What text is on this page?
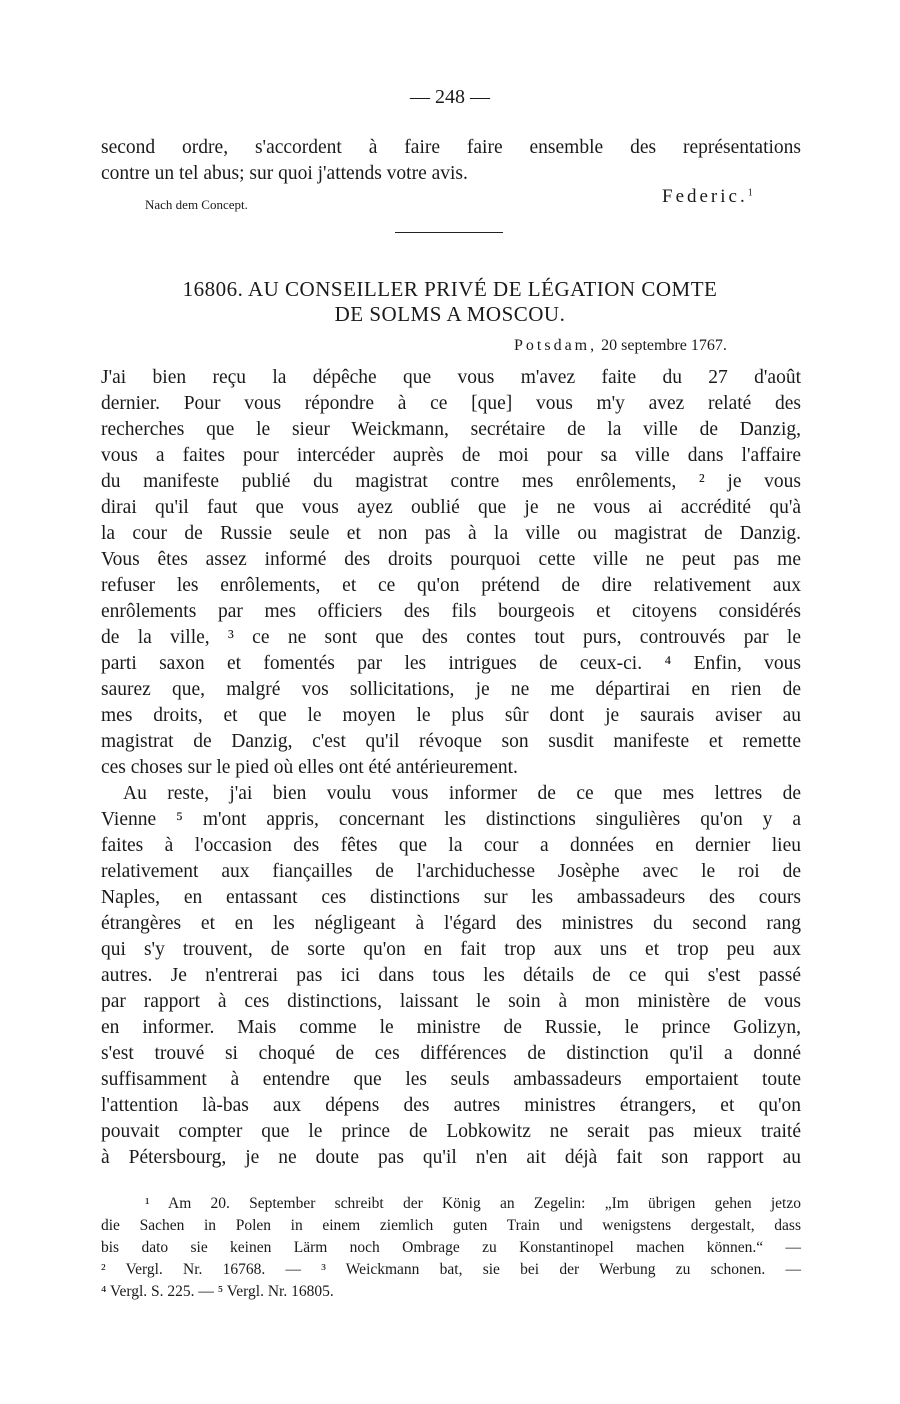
— 248 —
second ordre, s'accordent à faire faire ensemble des représentations
contre un tel abus; sur quoi j'attends votre avis.
Nach dem Concept.	Federic.$^1$
16806. AU CONSEILLER PRIVÉ DE LÉGATION COMTE
DE SOLMS A MOSCOU.
Potsdam, 20 septembre 1767.
J'ai bien reçu la dépêche que vous m'avez faite du 27 d'août
dernier. Pour vous répondre à ce [que] vous m'y avez relaté des
recherches que le sieur Weickmann, secrétaire de la ville de Danzig,
vous a faites pour intercéder auprès de moi pour sa ville dans l'affaire
du manifeste publié du magistrat contre mes enrôlements, ² je vous
dirai qu'il faut que vous ayez oublié que je ne vous ai accrédité qu'à
la cour de Russie seule et non pas à la ville ou magistrat de Danzig.
Vous êtes assez informé des droits pourquoi cette ville ne peut pas me
refuser les enrôlements, et ce qu'on prétend de dire relativement aux
enrôlements par mes officiers des fils bourgeois et citoyens considérés
de la ville, ³ ce ne sont que des contes tout purs, controuvés par le
parti saxon et fomentés par les intrigues de ceux-ci. ⁴ Enfin, vous
saurez que, malgré vos sollicitations, je ne me départirai en rien de
mes droits, et que le moyen le plus sûr dont je saurais aviser au
magistrat de Danzig, c'est qu'il révoque son susdit manifeste et remette
ces choses sur le pied où elles ont été antérieurement.
Au reste, j'ai bien voulu vous informer de ce que mes lettres de
Vienne ⁵ m'ont appris, concernant les distinctions singulières qu'on y a
faites à l'occasion des fêtes que la cour a données en dernier lieu
relativement aux fiançailles de l'archiduchesse Josèphe avec le roi de
Naples, en entassant ces distinctions sur les ambassadeurs des cours
étrangères et en les négligeant à l'égard des ministres du second rang
qui s'y trouvent, de sorte qu'on en fait trop aux uns et trop peu aux
autres. Je n'entrerai pas ici dans tous les détails de ce qui s'est passé
par rapport à ces distinctions, laissant le soin à mon ministère de vous
en informer. Mais comme le ministre de Russie, le prince Golizyn,
s'est trouvé si choqué de ces différences de distinction qu'il a donné
suffisamment à entendre que les seuls ambassadeurs emportaient toute
l'attention là-bas aux dépens des autres ministres étrangers, et qu'on
pouvait compter que le prince de Lobkowitz ne serait pas mieux traité
à Pétersbourg, je ne doute pas qu'il n'en ait déjà fait son rapport au
¹ Am 20. September schreibt der König an Zegelin: „Im übrigen gehen jetzo
die Sachen in Polen in einem ziemlich guten Train und wenigstens dergestalt, dass
bis dato sie keinen Lärm noch Ombrage zu Konstantinopel machen können.“ —
² Vergl. Nr. 16768. — ³ Weickmann bat, sie bei der Werbung zu schonen. —
⁴ Vergl. S. 225. — ⁵ Vergl. Nr. 16805.
